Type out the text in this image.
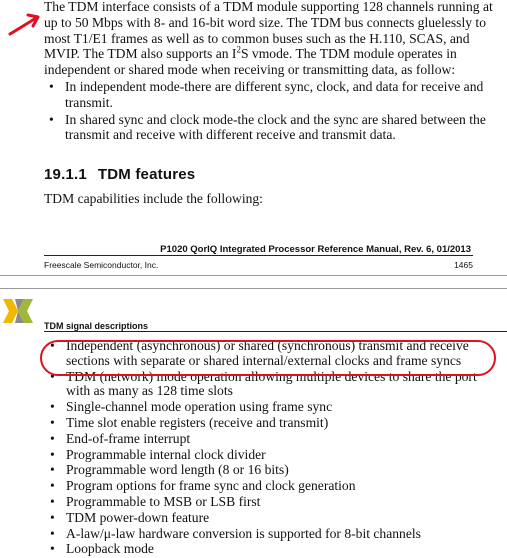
The TDM interface consists of a TDM module supporting 128 channels running at up to 50 Mbps with 8- and 16-bit word size. The TDM bus connects gluelessly to most T1/E1 frames as well as to common buses such as the H.110, SCAS, and MVIP. The TDM also supports an $I^2S$ vmode. The TDM module operates in independent or shared mode when receiving or transmitting data, as follow:
• In independent mode-there are different sync, clock, and data for receive and transmit.
• In shared sync and clock mode-the clock and the sync are shared between the transmit and receive with different receive and transmit data.
19.1.1 TDM features
TDM capabilities include the following:
P1020 QorIQ Integrated Processor Reference Manual, Rev. 6, 01/2013
Freescale Semiconductor, Inc.	1465
TDM signal descriptions
• Independent (asynchronous) or shared (synchronous) transmit and receive sections with separate or shared internal/external clocks and frame syncs
• TDM (network) mode operation allowing multiple devices to share the port with as many as 128 time slots
• Single-channel mode operation using frame sync
• Time slot enable registers (receive and transmit)
• End-of-frame interrupt
• Programmable internal clock divider
• Programmable word length (8 or 16 bits)
• Program options for frame sync and clock generation
• Programmable to MSB or LSB first
• TDM power-down feature
• A-law/μ-law hardware conversion is supported for 8-bit channels
• Loopback mode
